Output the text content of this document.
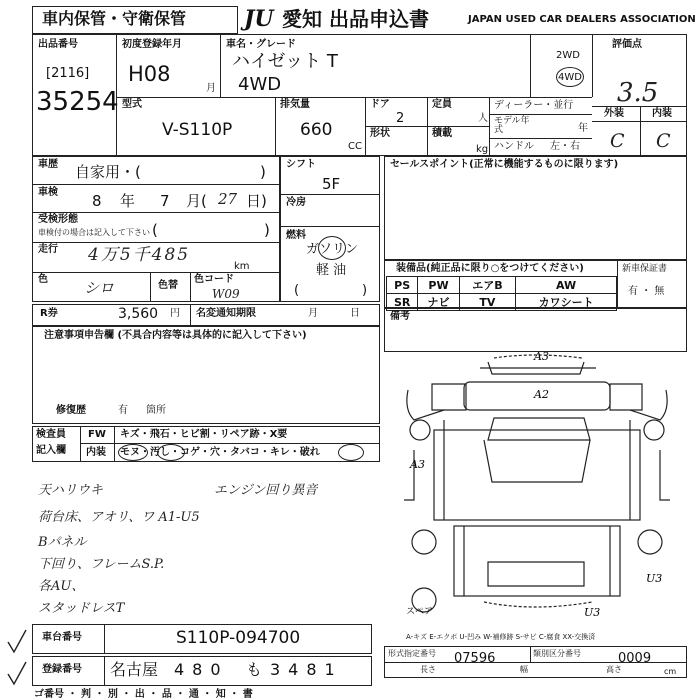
車内保管・守衛保管	JU 愛知 出品申込書	JAPAN USED CAR DEALERS ASSOCIATION
出品番号
[2116]
35254
初度登録年月
H08
月
車名・グレード
ハイゼット T
4WD
2WD
4WD
評価点
3.5
外装	内装
C C
型式
V-S110P
排気量
660
CC
ドア
2
形状
定員
人
積載
kg
ディーラー・並行
モデル年式	年
ハンドル 左・右
車歴 自家用・(	)
車検 8 年 7 月( 27 日)
受検形態
車検付の場合は記入して下さい (	)
走行 4万5千485
km
色 シロ	色替
色コード
W09
シフト
5F
冷房
燃料
ガソリン
軽 油
(	)
セールスポイント(正常に機能するものに限ります)
装備品(純正品に限り○をつけてください)
PS	PW	エアB	AW
SR	ナビ	TV	カワシート
新車保証書
有 ・ 無
R券	3,560 円 名変通知期限	月	日	備考
注意事項申告欄 (不具合内容等は具体的に記入して下さい)
修復歴	有 箇所
検査員
記入欄
FW キズ・飛石・ヒビ割・リペア跡・X要
内装 モヌ・汚し・コゲ・穴・タバコ・キレ・破れ
天ハリウキ
荷台床、アオリ、ワ A1-U5
Bパネル
下回り、フレームS.P.
各AU、
スタッドレスT
エンジン回り異音
A3
A2
A3
U3
U3
スペア
A-キズ E-エクボ U-凹み W-補修跡 S-サビ C-腐食 XX-交換済
車台番号	S110P-094700
形式指定番号 07596	類別区分番号	0009
長さ	幅	高さ	cm
登録番号 名古屋 480 も 3481
ゴ番号 ・ 判 ・ 別 ・ 出 ・ 品 ・ 通 ・ 知 ・ 書
